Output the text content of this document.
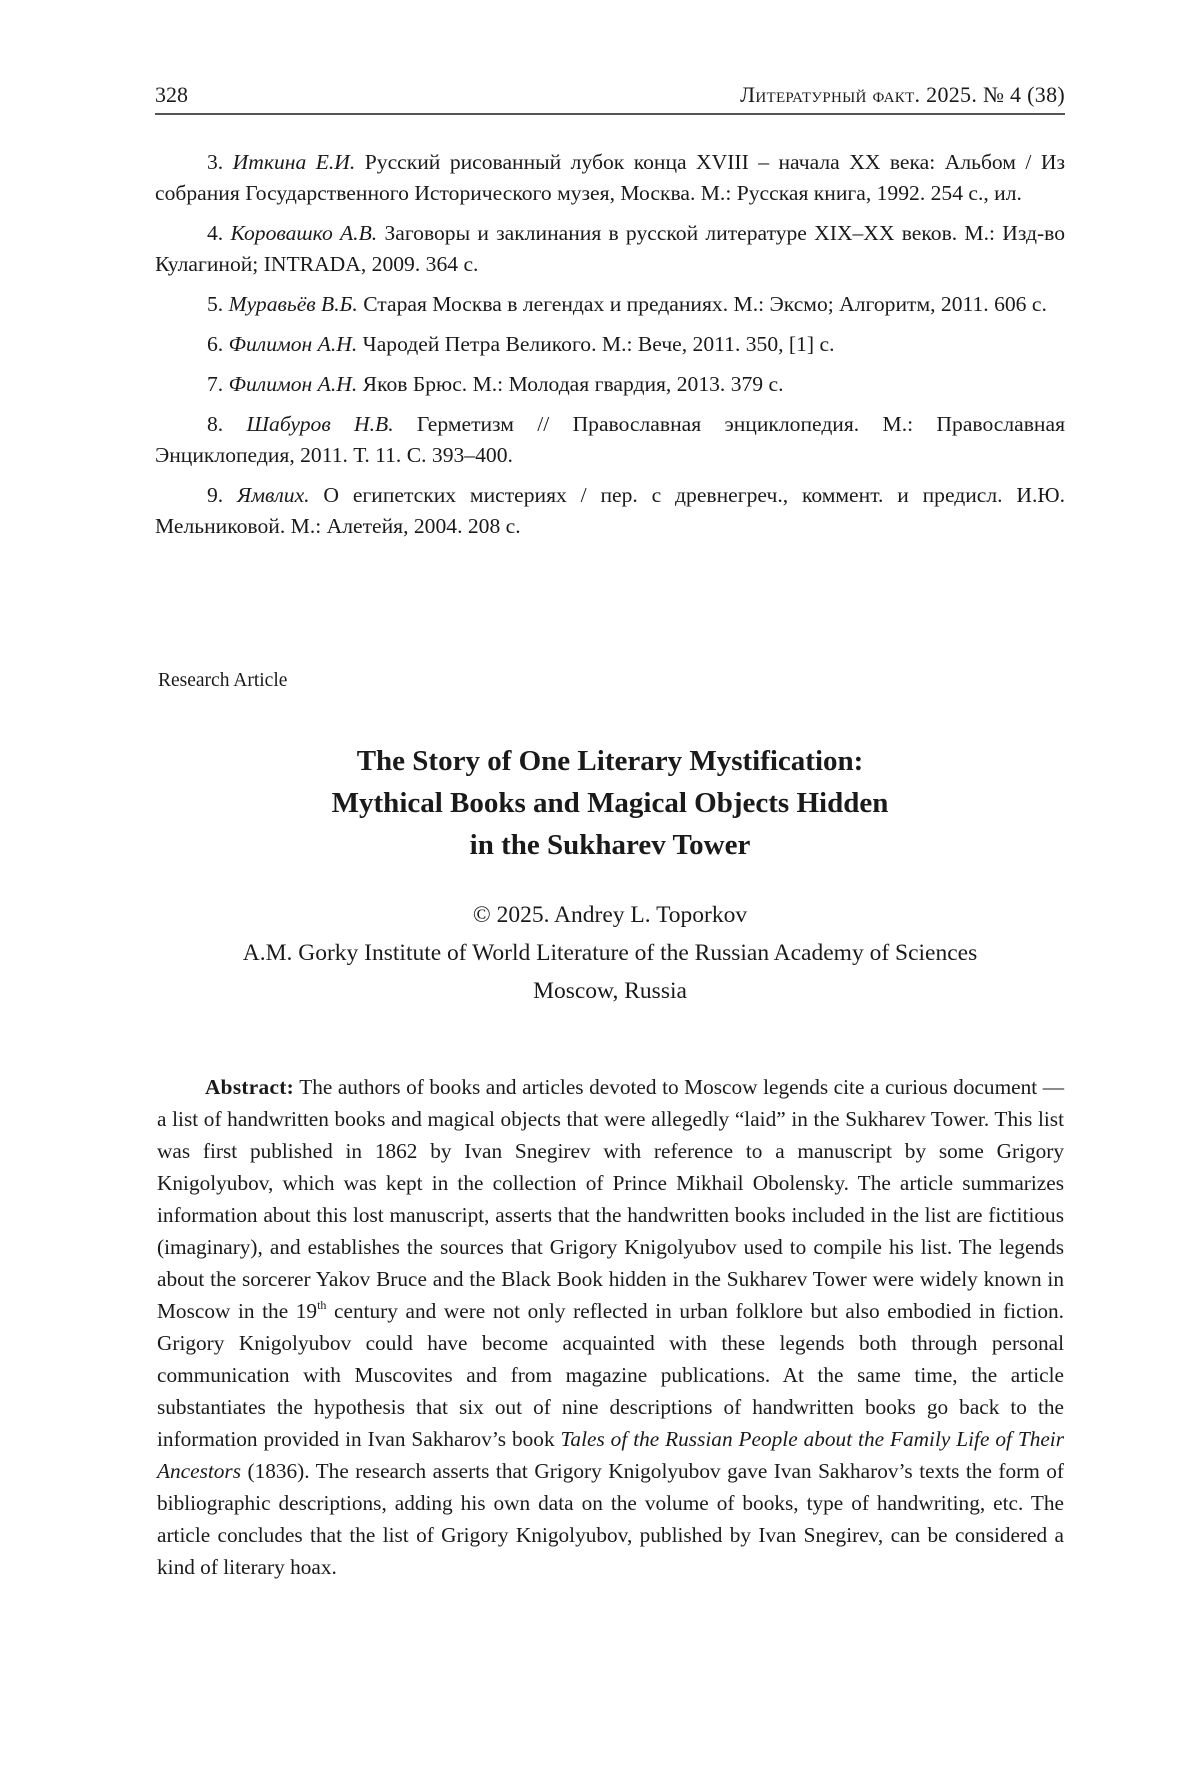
328	Литературный факт. 2025. № 4 (38)

3. Иткина Е.И. Русский рисованный лубок конца XVIII – начала XX века: Альбом / Из собрания Государственного Исторического музея, Москва. М.: Русская книга, 1992. 254 с., ил.

4. Коровашко А.В. Заговоры и заклинания в русской литературе XIX–XX веков. М.: Изд-во Кулагиной; INTRADA, 2009. 364 с.

5. Муравьёв В.Б. Старая Москва в легендах и преданиях. М.: Эксмо; Алгоритм, 2011. 606 с.

6. Филимон А.Н. Чародей Петра Великого. М.: Вече, 2011. 350, [1] с.

7. Филимон А.Н. Яков Брюс. М.: Молодая гвардия, 2013. 379 с.

8. Шабуров Н.В. Герметизм // Православная энциклопедия. М.: Православная Энциклопедия, 2011. Т. 11. С. 393–400.

9. Ямвлих. О египетских мистериях / пер. с древнегреч., коммент. и предисл. И.Ю. Мельниковой. М.: Алетейя, 2004. 208 с.

Research Article
The Story of One Literary Mystification:
Mythical Books and Magical Objects Hidden
in the Sukharev Tower
© 2025. Andrey L. Toporkov
A.M. Gorky Institute of World Literature of the Russian Academy of Sciences
Moscow, Russia

Abstract: The authors of books and articles devoted to Moscow legends cite a curious document — a list of handwritten books and magical objects that were allegedly “laid” in the Sukharev Tower. This list was first published in 1862 by Ivan Snegirev with reference to a manuscript by some Grigory Knigolyubov, which was kept in the collection of Prince Mikhail Obolensky. The article summarizes information about this lost manuscript, asserts that the handwritten books included in the list are fictitious (imaginary), and establishes the sources that Grigory Knigolyubov used to compile his list. The legends about the sorcerer Yakov Bruce and the Black Book hidden in the Sukharev Tower were widely known in Moscow in the 19th century and were not only reflected in urban folklore but also embodied in fiction. Grigory Knigolyubov could have become acquainted with these legends both through personal communication with Muscovites and from magazine publications. At the same time, the article substantiates the hypothesis that six out of nine descriptions of handwritten books go back to the information provided in Ivan Sakharov’s book Tales of the Russian People about the Family Life of Their Ancestors (1836). The research asserts that Grigory Knigolyubov gave Ivan Sakharov’s texts the form of bibliographic descriptions, adding his own data on the volume of books, type of handwriting, etc. The article concludes that the list of Grigory Knigolyubov, published by Ivan Snegirev, can be considered a kind of literary hoax.
